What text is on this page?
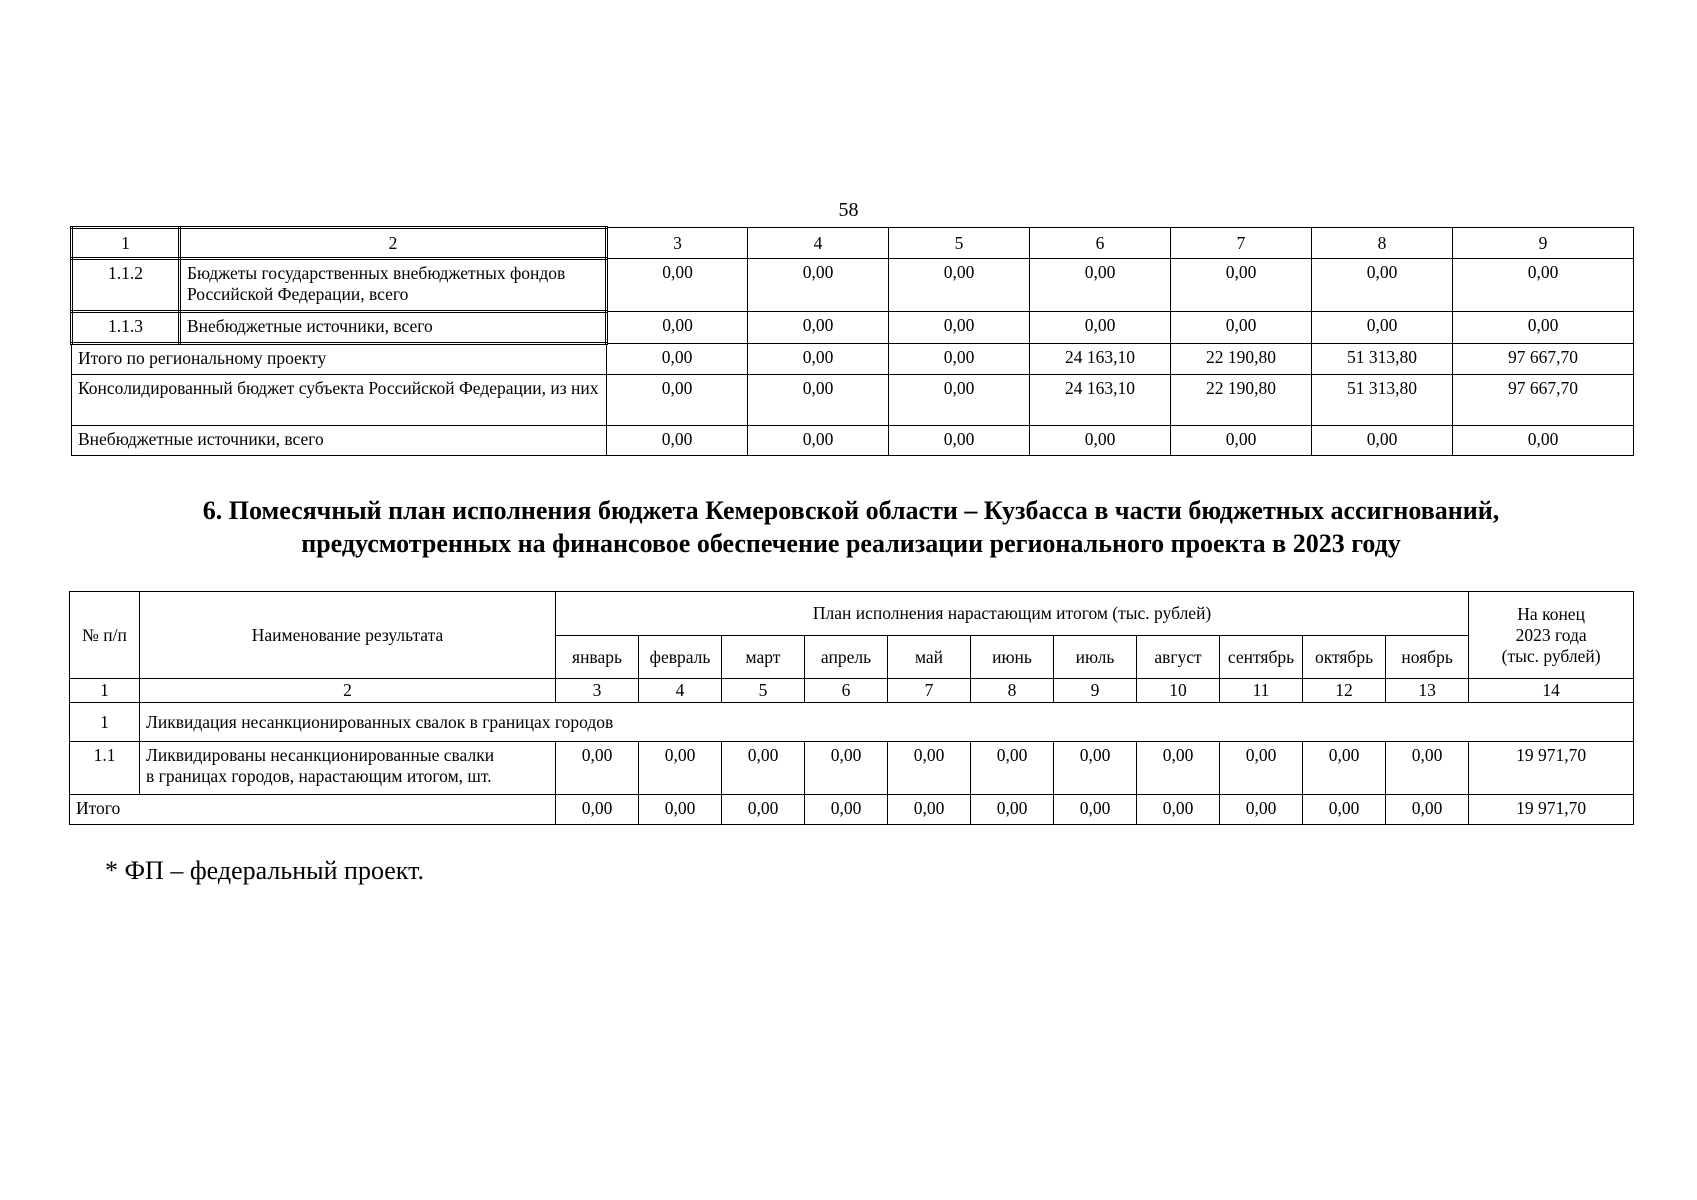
58
1	2	3	4	5	6	7	8	9
1.1.2	Бюджеты государственных внебюджетных фондов Российской Федерации, всего	0,00	0,00	0,00	0,00	0,00	0,00	0,00
1.1.3	Внебюджетные источники, всего	0,00	0,00	0,00	0,00	0,00	0,00	0,00
Итого по региональному проекту		0,00	0,00	0,00	24 163,10	22 190,80	51 313,80	97 667,70
Консолидированный бюджет субъекта Российской Федерации, из них		0,00	0,00	0,00	24 163,10	22 190,80	51 313,80	97 667,70
Внебюджетные источники, всего		0,00	0,00	0,00	0,00	0,00	0,00	0,00
6. Помесячный план исполнения бюджета Кемеровской области – Кузбасса в части бюджетных ассигнований,
предусмотренных на финансовое обеспечение реализации регионального проекта в 2023 году
№ п/п	Наименование результата	План исполнения нарастающим итогом (тыс. рублей)											На конец
2023 года
(тыс. рублей)

		январь	февраль	март	апрель	май	июнь	июль	август	сентябрь	октябрь	ноябрь	
1	2	3	4	5	6	7	8	9	10	11	12	13	14
1	Ликвидация несанкционированных свалок в границах городов												
1.1	Ликвидированы несанкционированные свалки
в границах городов, нарастающим итогом, шт.	0,00	0,00	0,00	0,00	0,00	0,00	0,00	0,00	0,00	0,00	0,00	19 971,70
Итого		0,00	0,00	0,00	0,00	0,00	0,00	0,00	0,00	0,00	0,00	0,00	19 971,70
* ФП – федеральный проект.
